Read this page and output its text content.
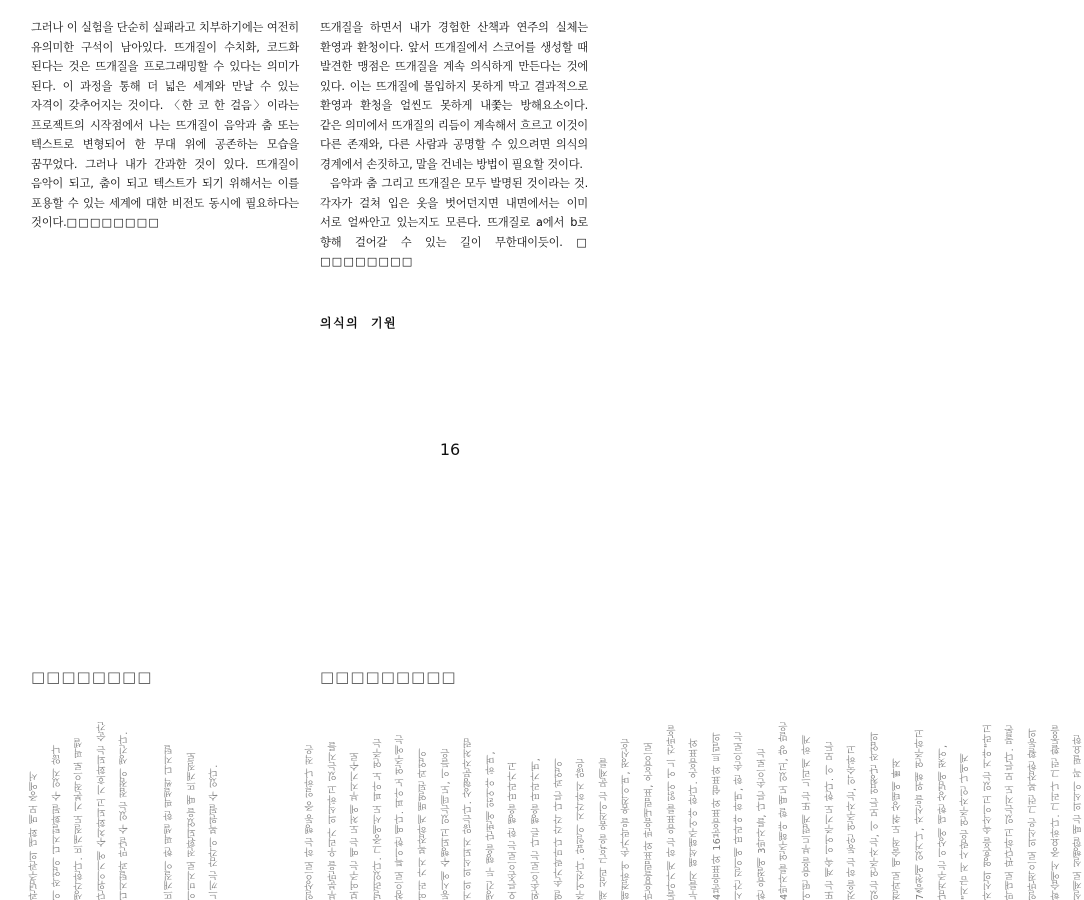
그러나 이 실험을 단순히 실패라고 치부하기에는 여전히 유의미한 구석이 남아있다. 뜨개질이 수치화, 코드화 된다는 것은 뜨개질을 프로그래밍할 수 있다는 의미가 된다. 이 과정을 통해 더 넓은 세계와 만날 수 있는 자격이 갖추어지는 것이다. 〈한 코 한 걸음〉이라는 프로젝트의 시작점에서 나는 뜨개질이 음악과 춤 또는 텍스트로 변형되어 한 무대 위에 공존하는 모습을 꿈꾸었다. 그러나 내가 간과한 것이 있다. 뜨개질이 음악이 되고, 춤이 되고 텍스트가 되기 위해서는 이를 포용할 수 있는 세계에 대한 비전도 동시에 필요하다는 것이다.□□□□□□□□

뜨개질을 하면서 내가 경험한 산책과 연주의 실체는 환영과 환청이다. 앞서 뜨개질에서 스코어를 생성할 때 발견한 맹점은 뜨개질을 계속 의식하게 만든다는 것에 있다. 이는 뜨개질에 몰입하지 못하게 막고 결과적으로 환영과 환청을 얼씬도 못하게 내쫓는 방해요소이다. 같은 의미에서 뜨개질의 리듬이 계속해서 흐르고 이것이 다른 존재와, 다른 사람과 공명할 수 있으려면 의식의 경계에서 손짓하고, 말을 건네는 방법이 필요할 것이다.

음악과 춤 그리고 뜨개질은 모두 발명된 것이라는 것. 각자가 걸쳐 입은 옷을 벗어던지면 내면에서는 이미 서로 얼싸안고 있는지도 모른다. 뜨개질로 a에서 b로 향해 걸어갈 수 있는 길이 무한대이듯이. □ □□□□□□□□

의식의 기원

16

□□□□□□□□	□□□□□□□□□
관념주관의 대화 메모 중에서 이 작업이 디지털화될 수 있지 않나 생각한다. 뜨개질도 기본적으로 픽셀 단위이기에 수치화되고 기호화되는 순간 디지털과 만날 수 있는 접점이 생긴다.	뜨개질이 한 픽셀 한 픽셀씩 디지털 이미지로 전환되었을 때 뜨개질로 느끼는 감각이 복원될 수 있다.	일상으로 하는 행동 중 일하나 적은 부분만을 우리가 의식하고 있는지를 보여주는 예는 도처에 부지기수로 널려있다. 그중에서도 피아노 연주는 참으로 특이한 예다. 피아노 연주에는 여러 가지 복잡하게 배열된 과업이 동시에 수행되고 있는데도, 이들은 거의 의식되지 않는다. 상형문자처럼 생긴 두 행을 단번에 읽어야 하며, 오른손으로는 한 행을 따라가고 왼손으로는 다른 행을 따라가며, 열 손가락마다 각각 다른 과업이 주어진다. 앞일이 지각하지 않은 채 심리 근육을 움직이는 문제를 해결하여 손가락을 움직이며, 정신은 반음올림표와 반음내림표, 온음으로 돌아가게 하는 음표를 읽어 어느 건반을 누를지 해석해주어야 한다. 온음표와 4분음표와 16분음표와 쉼표와 트릴의 시간 길이에 따라야 하며, 한 손으로는 한 음절에 3박자를, 다른 손으로는 4박자를 연주해야 할 때도 있고, 양 발은 어떤 음을 부드럽게 또는 느리게 하게 또는 계속 이어주기도 한다. 이 모든 것을 하는 동안 연주자는, 익숙하고 있는 연주자는, 이 모든 엄청난 작업의 결과로 예술적 도취 상태에 빠져 7층천에 있거나, 자신을 위해 연주하고 남겨주는 이상에 대한 상념에 젖어, "지금 저 사람은 연주자인 나에게 자신의 영혼을 속삭이고 있는 거야"라고 막대로 판단하고 있는지도 모른다. 물론 일반적으로 의식은 그런 복잡한 활동의 학습에서 중요하다. 그러나 그런 활동을 실제로 실행할 때는 의식이 꼭 필요한
